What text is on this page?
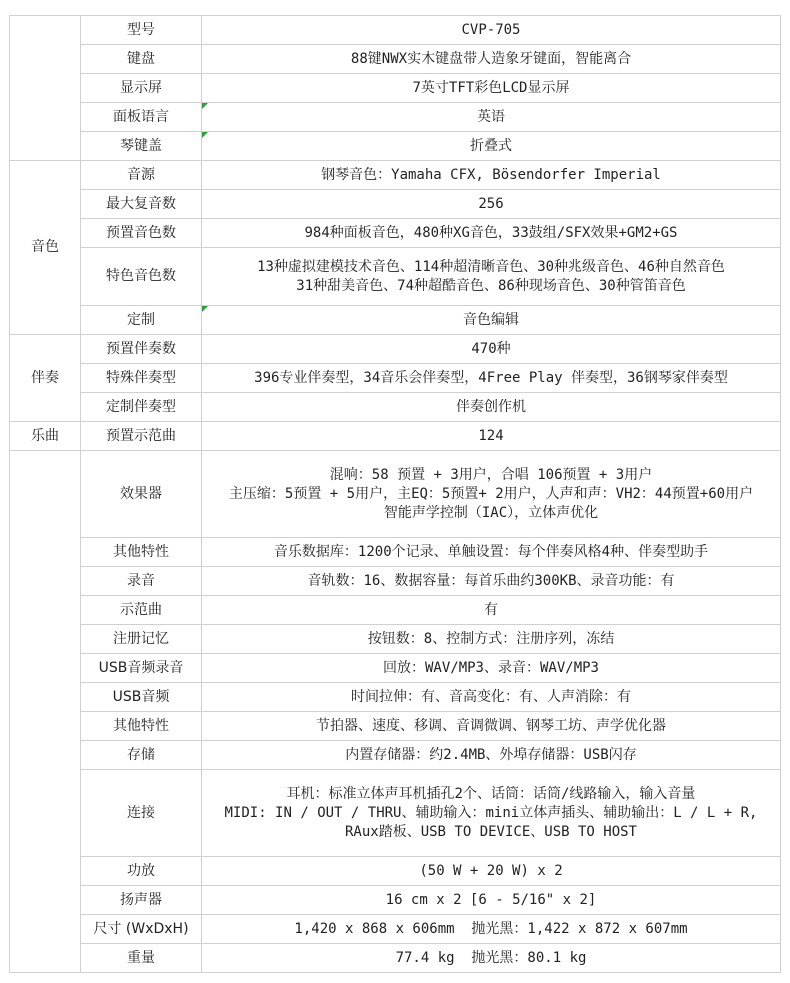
	型号	CVP-705
	键盘	88键NWX实木键盘带人造象牙键面，智能离合
	显示屏	7英寸TFT彩色LCD显示屏
	面板语言	英语
	琴键盖	折叠式
音色	音源	钢琴音色：Yamaha CFX, Bösendorfer Imperial
	最大复音数	256
	预置音色数	984种面板音色，480种XG音色，33鼓组/SFX效果+GM2+GS
	特色音色数	13种虚拟建模技术音色、114种超清晰音色、30种兆级音色、46种自然音色
31种甜美音色、74种超酷音色、86种现场音色、30种管笛音色

	定制	音色编辑
伴奏	预置伴奏数	470种
	特殊伴奏型	396专业伴奏型，34音乐会伴奏型，4Free Play 伴奏型，36钢琴家伴奏型
	定制伴奏型	伴奏创作机
乐曲	预置示范曲	124
	效果器	混响：58 预置 + 3用户，合唱 106预置 + 3用户
主压缩：5预置 + 5用户，主EQ：5预置+ 2用户，人声和声：VH2：44预置+60用户
智能声学控制（IAC），立体声优化

	其他特性	音乐数据库：1200个记录、单触设置：每个伴奏风格4种、伴奏型助手
	录音	音轨数：16、数据容量：每首乐曲约300KB、录音功能：有
	示范曲	有
	注册记忆	按钮数：8、控制方式：注册序列，冻结
	USB音频录音	回放：WAV/MP3、录音：WAV/MP3
	USB音频	时间拉伸：有、音高变化：有、人声消除：有
	其他特性	节拍器、速度、移调、音调微调、钢琴工坊、声学优化器
	存储	内置存储器：约2.4MB、外埠存储器：USB闪存
	连接	耳机：标准立体声耳机插孔2个、话筒：话筒/线路输入，输入音量
MIDI: IN / OUT / THRU、辅助输入：mini立体声插头、辅助输出：L / L + R,
RAux踏板、USB TO DEVICE、USB TO HOST

	功放	(50 W + 20 W) x 2
	扬声器	16 cm x 2 [6 - 5/16" x 2]
	尺寸 (WxDxH)	1,420 x 868 x 606mm  抛光黑：1,422 x 872 x 607mm
	重量	77.4 kg  抛光黑：80.1 kg
